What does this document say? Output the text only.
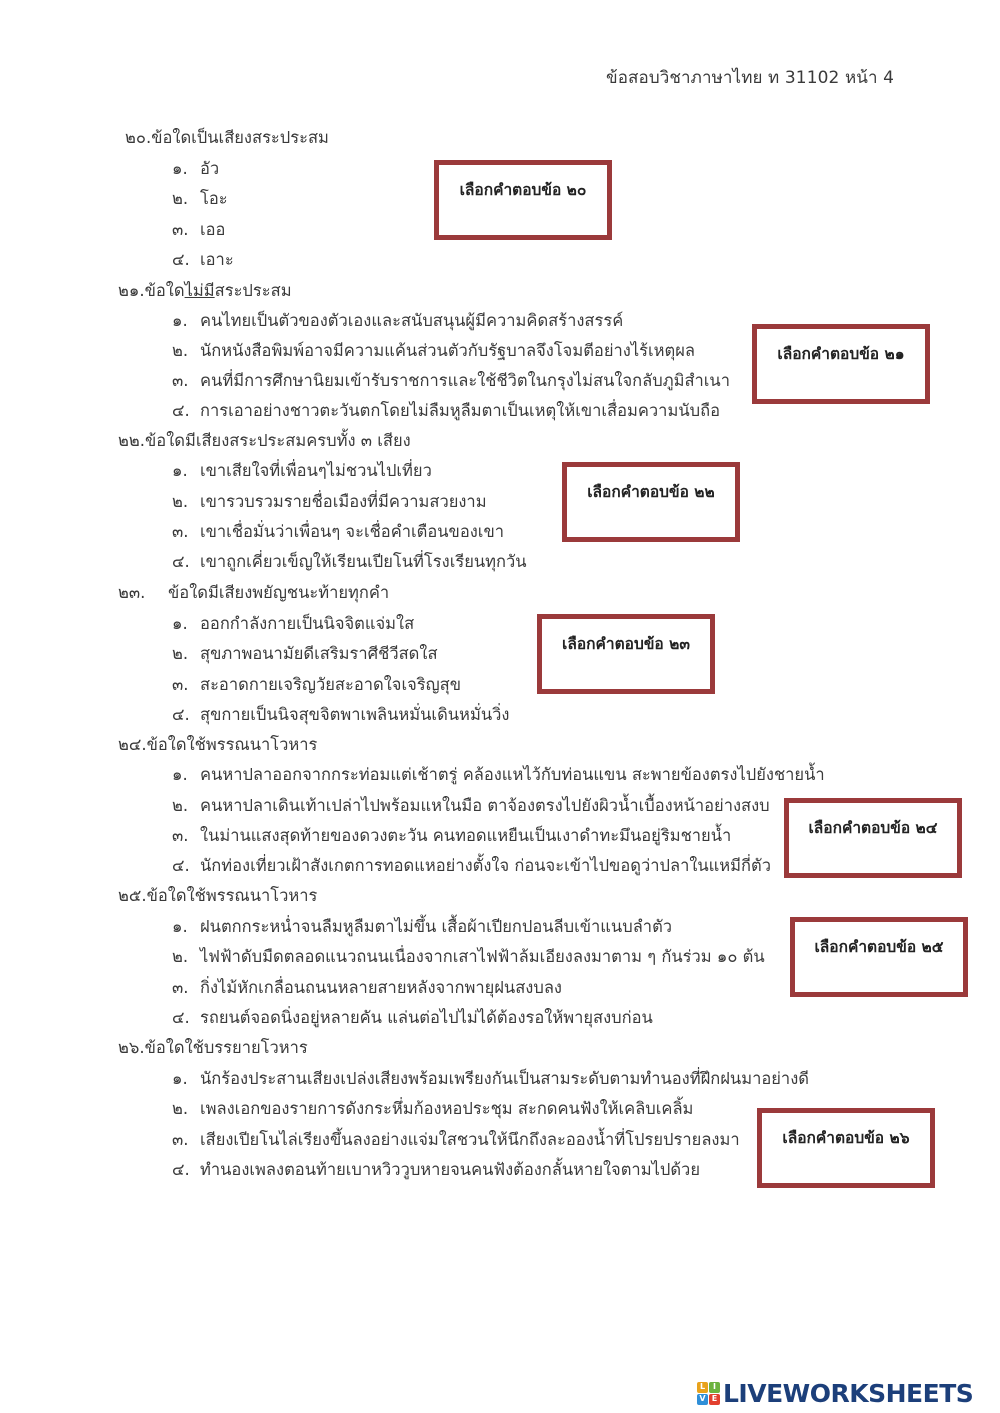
ข้อสอบวิชาภาษาไทย ท 31102 หน้า 4
๒๐.ข้อใดเป็นเสียงสระประสม
๑. อัว
๒. โอะ
๓. เออ
๔. เอาะ
เลือกคำตอบข้อ ๒๐
๒๑.ข้อใดไม่มีสระประสม
๑. คนไทยเป็นตัวของตัวเองและสนับสนุนผู้มีความคิดสร้างสรรค์
๒. นักหนังสือพิมพ์อาจมีความแค้นส่วนตัวกับรัฐบาลจึงโจมตีอย่างไร้เหตุผล
๓. คนที่มีการศึกษานิยมเข้ารับราชการและใช้ชีวิตในกรุงไม่สนใจกลับภูมิสำเนา
๔. การเอาอย่างชาวตะวันตกโดยไม่ลืมหูลืมตาเป็นเหตุให้เขาเสื่อมความนับถือ
เลือกคำตอบข้อ ๒๑
๒๒.ข้อใดมีเสียงสระประสมครบทั้ง ๓ เสียง
๑. เขาเสียใจที่เพื่อนๆไม่ชวนไปเที่ยว
๒. เขารวบรวมรายชื่อเมืองที่มีความสวยงาม
๓. เขาเชื่อมั่นว่าเพื่อนๆ จะเชื่อคำเตือนของเขา
๔. เขาถูกเคี่ยวเข็ญให้เรียนเปียโนที่โรงเรียนทุกวัน
เลือกคำตอบข้อ ๒๒
๒๓. ข้อใดมีเสียงพยัญชนะท้ายทุกคำ
๑. ออกกำลังกายเป็นนิจจิตแจ่มใส
๒. สุขภาพอนามัยดีเสริมราศีชีวีสดใส
๓. สะอาดกายเจริญวัยสะอาดใจเจริญสุข
๔. สุขกายเป็นนิจสุขจิตพาเพลินหมั่นเดินหมั่นวิ่ง
เลือกคำตอบข้อ ๒๓
๒๔.ข้อใดใช้พรรณนาโวหาร
๑. คนหาปลาออกจากกระท่อมแต่เช้าตรู่ คล้องแหไว้กับท่อนแขน สะพายข้องตรงไปยังชายน้ำ
๒. คนหาปลาเดินเท้าเปล่าไปพร้อมแหในมือ ตาจ้องตรงไปยังผิวน้ำเบื้องหน้าอย่างสงบ
๓. ในม่านแสงสุดท้ายของดวงตะวัน คนทอดแหยืนเป็นเงาดำทะมึนอยู่ริมชายน้ำ
๔. นักท่องเที่ยวเฝ้าสังเกตการทอดแหอย่างตั้งใจ ก่อนจะเข้าไปขอดูว่าปลาในแหมีกี่ตัว
เลือกคำตอบข้อ ๒๔
๒๕.ข้อใดใช้พรรณนาโวหาร
๑. ฝนตกกระหน่ำจนลืมหูลืมตาไม่ขึ้น เสื้อผ้าเปียกปอนลีบเข้าแนบลำตัว
๒. ไฟฟ้าดับมืดตลอดแนวถนนเนื่องจากเสาไฟฟ้าล้มเอียงลงมาตาม ๆ กันร่วม ๑๐ ต้น
๓. กิ่งไม้หักเกลื่อนถนนหลายสายหลังจากพายุฝนสงบลง
๔. รถยนต์จอดนิ่งอยู่หลายคัน แล่นต่อไปไม่ได้ต้องรอให้พายุสงบก่อน
เลือกคำตอบข้อ ๒๕
๒๖.ข้อใดใช้บรรยายโวหาร
๑. นักร้องประสานเสียงเปล่งเสียงพร้อมเพรียงกันเป็นสามระดับตามทำนองที่ฝึกฝนมาอย่างดี
๒. เพลงเอกของรายการดังกระหึ่มก้องหอประชุม สะกดคนฟังให้เคลิบเคลิ้ม
๓. เสียงเปียโนไล่เรียงขึ้นลงอย่างแจ่มใสชวนให้นึกถึงละอองน้ำที่โปรยปรายลงมา
๔. ทำนองเพลงตอนท้ายเบาหวิววูบหายจนคนฟังต้องกลั้นหายใจตามไปด้วย
เลือกคำตอบข้อ ๒๖
L I
V E LIVEWORKSHEETS
